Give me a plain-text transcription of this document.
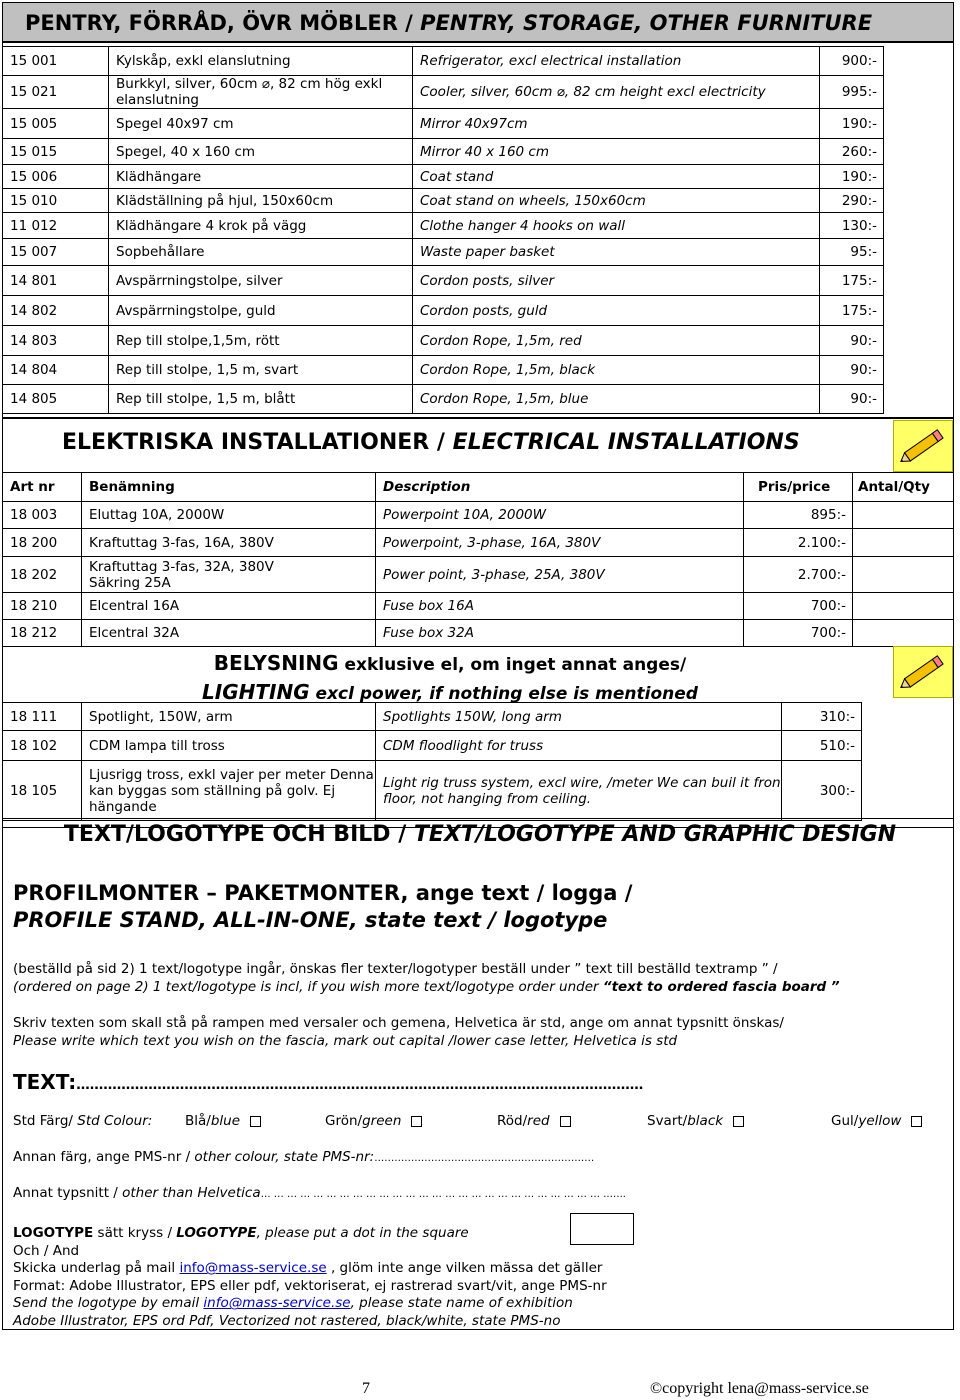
PENTRY, FÖRRÅD, ÖVR MÖBLER / PENTRY, STORAGE, OTHER FURNITURE
15 001	Kylskåp, exkl elanslutning	Refrigerator, excl electrical installation	900:-
15 021	Burkkyl, silver, 60cm ⌀, 82 cm hög exkl elanslutning	Cooler, silver, 60cm ⌀, 82 cm height excl electricity	995:-
15 005	Spegel 40x97 cm	Mirror 40x97cm	190:-
15 015	Spegel, 40 x 160 cm	Mirror 40 x 160 cm	260:-
15 006	Klädhängare	Coat stand	190:-
15 010	Klädställning på hjul, 150x60cm	Coat stand on wheels, 150x60cm	290:-
11 012	Klädhängare 4 krok på vägg	Clothe hanger 4 hooks on wall	130:-
15 007	Sopbehållare	Waste paper basket	95:-
14 801	Avspärrningstolpe, silver	Cordon posts, silver	175:-
14 802	Avspärrningstolpe, guld	Cordon posts, guld	175:-
14 803	Rep till stolpe,1,5m, rött	Cordon Rope, 1,5m, red	90:-
14 804	Rep till stolpe, 1,5 m, svart	Cordon Rope, 1,5m, black	90:-
14 805	Rep till stolpe, 1,5 m, blått	Cordon Rope, 1,5m, blue	90:-
ELEKTRISKA INSTALLATIONER / ELECTRICAL INSTALLATIONS
Art nr	Benämning	Description	Pris/price	Antal/Qty
18 003	Eluttag 10A, 2000W	Powerpoint 10A, 2000W	895:-	
18 200	Kraftuttag 3-fas, 16A, 380V	Powerpoint, 3-phase, 16A, 380V	2.100:-	
18 202	Kraftuttag 3-fas, 32A, 380V
Säkring 25A	Power point, 3-phase, 25A, 380V	2.700:-	
18 210	Elcentral 16A	Fuse box 16A	700:-	
18 212	Elcentral 32A	Fuse box 32A	700:-	
BELYSNING exklusive el, om inget annat anges/
LIGHTING excl power, if nothing else is mentioned
18 111	Spotlight, 150W, arm	Spotlights 150W, long arm	310:-
18 102	CDM lampa till tross	CDM floodlight for truss	510:-
18 105	Ljusrigg tross, exkl vajer per meter Denna kan byggas som ställning på golv. Ej hängande	Light rig truss system, excl wire, /meter We can buil it fron floor, not hanging from ceiling.	300:-
TEXT/LOGOTYPE OCH BILD / TEXT/LOGOTYPE AND GRAPHIC DESIGN
PROFILMONTER – PAKETMONTER, ange text / logga /
PROFILE STAND, ALL-IN-ONE, state text / logotype
(beställd på sid 2) 1 text/logotype ingår, önskas fler texter/logotyper beställ under ” text till beställd textramp ” /
(ordered on page 2) 1 text/logotype is incl, if you wish more text/logotype order under “text to ordered fascia board ”
Skriv texten som skall stå på rampen med versaler och gemena, Helvetica är std, ange om annat typsnitt önskas/
Please write which text you wish on the fascia, mark out capital /lower case letter, Helvetica is std
TEXT:………………………………………………………………………………………………………………
Std Färg/ Std Colour: Blå/blue	Grön/green	Röd/red	Svart/black	Gul/yellow
Annan färg, ange PMS-nr / other colour, state PMS-nr:…………………………………………………………
Annat typsnitt / other than Helvetica… … … … … … … … … … … … … … … … … … … … … … … … … … ..…..
LOGOTYPE sätt kryss / LOGOTYPE, please put a dot in the square
Och / And
Skicka underlag på mail info@mass-service.se , glöm inte ange vilken mässa det gäller
Format: Adobe Illustrator, EPS eller pdf, vektoriserat, ej rastrerad svart/vit, ange PMS-nr
Send the logotype by email info@mass-service.se, please state name of exhibition
Adobe Illustrator, EPS ord Pdf, Vectorized not rastered, black/white, state PMS-no
7	©copyright lena@mass-service.se
